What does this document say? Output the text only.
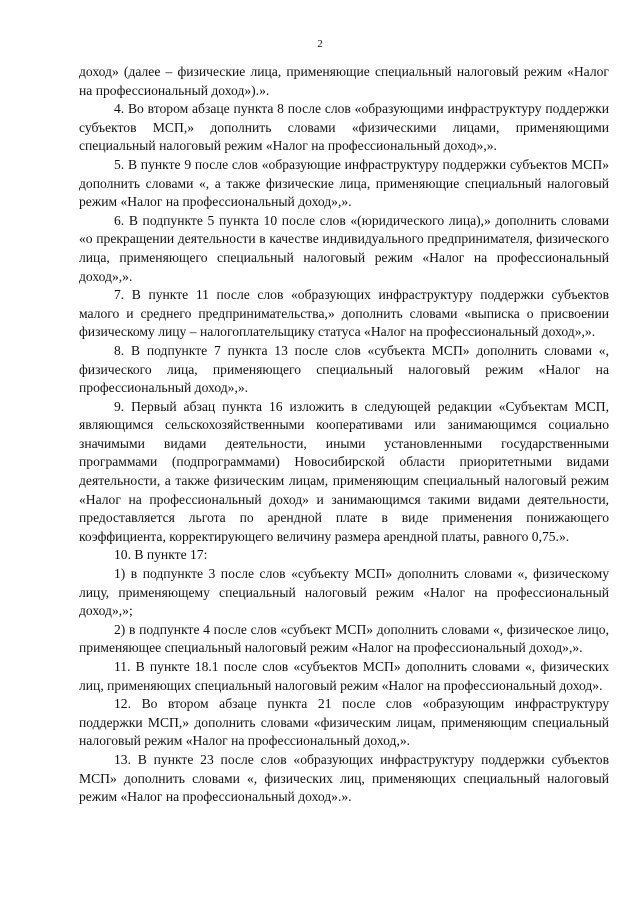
2

доход» (далее – физические лица, применяющие специальный налоговый режим «Налог на профессиональный доход»).».

4. Во втором абзаце пункта 8 после слов «образующими инфраструктуру поддержки субъектов МСП,» дополнить словами «физическими лицами, применяющими специальный налоговый режим «Налог на профессиональный доход»,».

5. В пункте 9 после слов «образующие инфраструктуру поддержки субъектов МСП» дополнить словами «, а также физические лица, применяющие специальный налоговый режим «Налог на профессиональный доход»,».

6. В подпункте 5 пункта 10 после слов «(юридического лица),» дополнить словами «о прекращении деятельности в качестве индивидуального предпринимателя, физического лица, применяющего специальный налоговый режим «Налог на профессиональный доход»,».

7. В пункте 11 после слов «образующих инфраструктуру поддержки субъектов малого и среднего предпринимательства,» дополнить словами «выписка о присвоении физическому лицу – налогоплательщику статуса «Налог на профессиональный доход»,».

8. В подпункте 7 пункта 13 после слов «субъекта МСП» дополнить словами «, физического лица, применяющего специальный налоговый режим «Налог на профессиональный доход»,».

9. Первый абзац пункта 16 изложить в следующей редакции «Субъектам МСП, являющимся сельскохозяйственными кооперативами или занимающимся социально значимыми видами деятельности, иными установленными государственными программами (подпрограммами) Новосибирской области приоритетными видами деятельности, а также физическим лицам, применяющим специальный налоговый режим «Налог на профессиональный доход» и занимающимся такими видами деятельности, предоставляется льгота по арендной плате в виде применения понижающего коэффициента, корректирующего величину размера арендной платы, равного 0,75.».

10. В пункте 17:

1) в подпункте 3 после слов «субъекту МСП» дополнить словами «, физическому лицу, применяющему специальный налоговый режим «Налог на профессиональный доход»,»;

2) в подпункте 4 после слов «субъект МСП» дополнить словами «, физическое лицо, применяющее специальный налоговый режим «Налог на профессиональный доход»,».

11. В пункте 18.1 после слов «субъектов МСП» дополнить словами «, физических лиц, применяющих специальный налоговый режим «Налог на профессиональный доход».

12. Во втором абзаце пункта 21 после слов «образующим инфраструктуру поддержки МСП,» дополнить словами «физическим лицам, применяющим специальный налоговый режим «Налог на профессиональный доход,».

13. В пункте 23 после слов «образующих инфраструктуру поддержки субъектов МСП» дополнить словами «, физических лиц, применяющих специальный налоговый режим «Налог на профессиональный доход».».
